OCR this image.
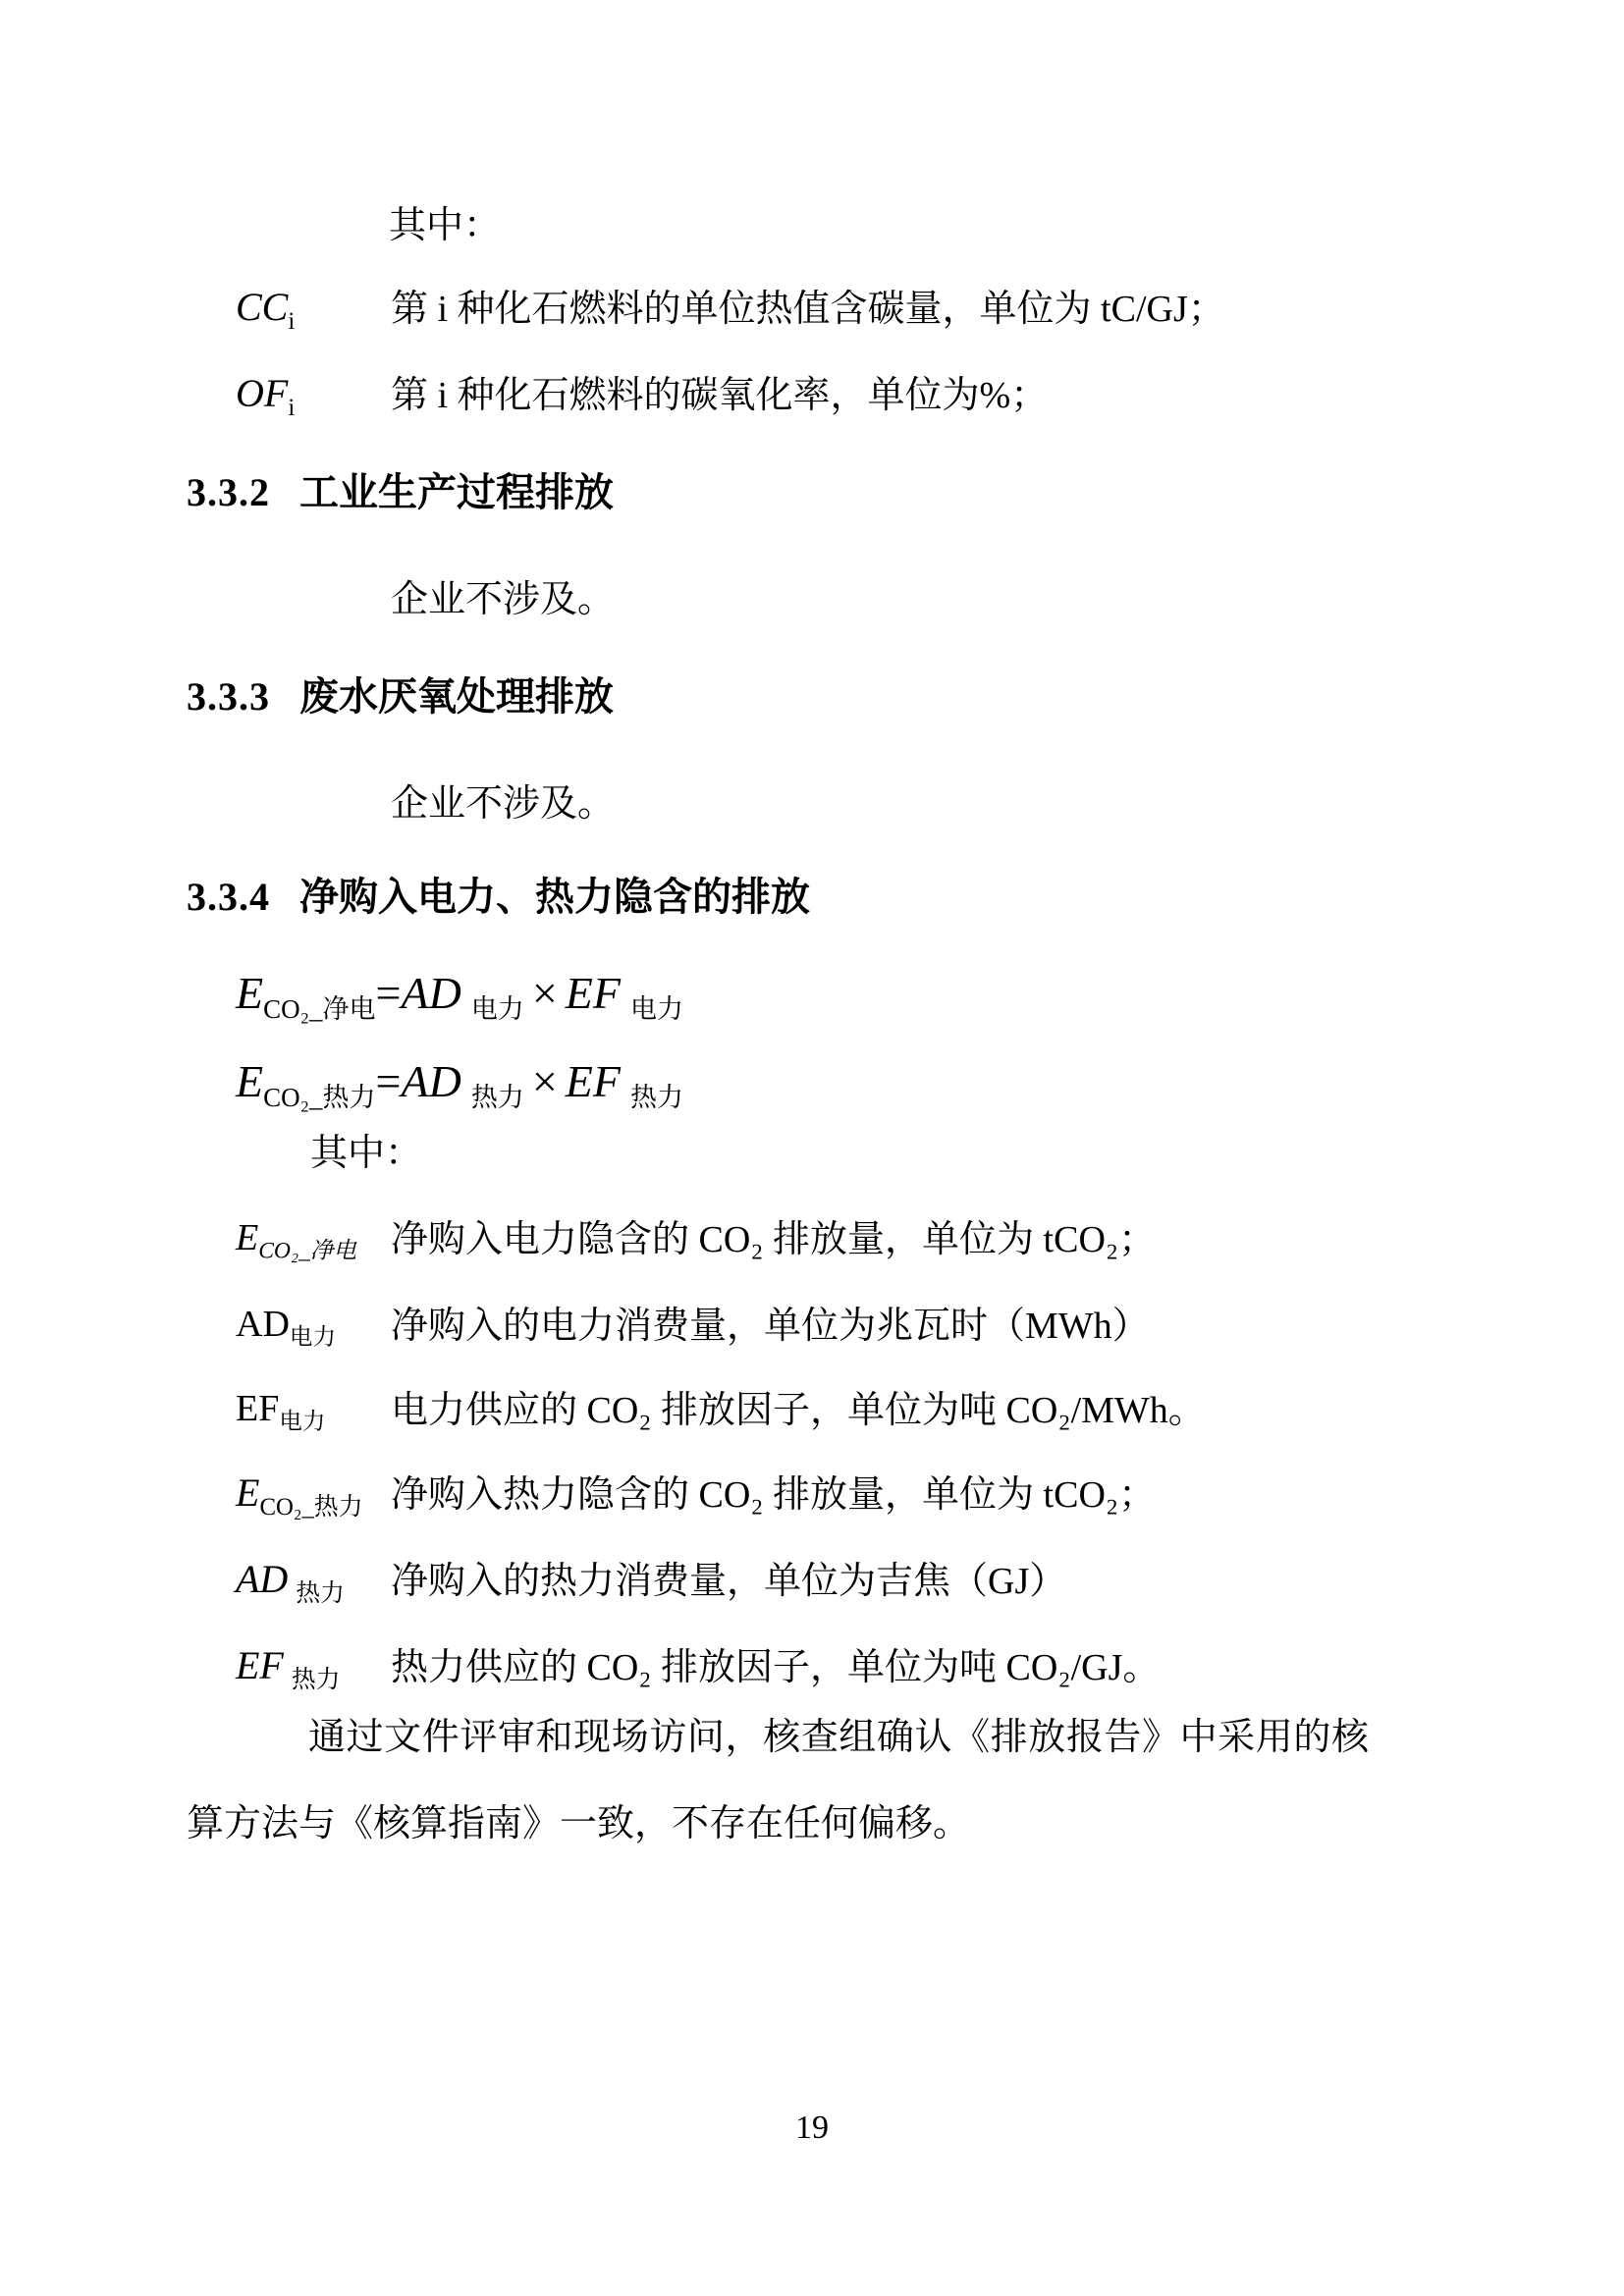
其中：

$CC_i$	第 i 种化石燃料的单位热值含碳量，单位为 tC/GJ；
$OF_i$	第 i 种化石燃料的碳氧化率，单位为%；
3.3.2 工业生产过程排放

企业不涉及。

3.3.3 废水厌氧处理排放

企业不涉及。

3.3.4 净购入电力、热力隐含的排放
$E_{CO_2\_净电}=AD$ $_{电力}$ × EF $_{电力}$
$E_{CO_2\_热力}=AD$ $_{热力}$ × EF $_{热力}$

其中：

$E_{CO_2\_净电}$ 净购入电力隐含的 CO₂ 排放量，单位为 tCO₂；
$AD_{电力}$ 净购入的电力消费量，单位为兆瓦时（MWh）
$EF_{电力}$ 电力供应的 CO₂ 排放因子，单位为吨 CO₂/MWh。
$E_{CO_2\_热力}$ 净购入热力隐含的 CO₂ 排放量，单位为 tCO₂；
AD $_{热力}$ 净购入的热力消费量，单位为吉焦（GJ）
EF $_{热力}$ 热力供应的 CO₂ 排放因子，单位为吨 CO₂/GJ。

通过文件评审和现场访问，核查组确认《排放报告》中采用的核算方法与《核算指南》一致，不存在任何偏移。

19
